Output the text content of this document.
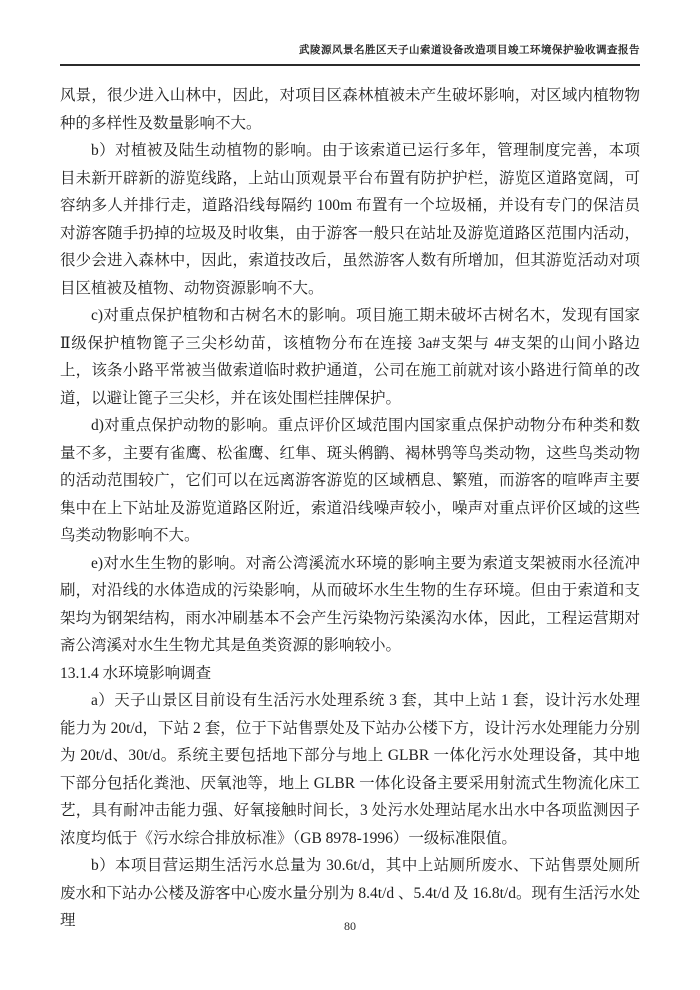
武陵源风景名胜区天子山索道设备改造项目竣工环境保护验收调查报告

风景，很少进入山林中，因此，对项目区森林植被未产生破坏影响，对区域内植物物种的多样性及数量影响不大。

b）对植被及陆生动植物的影响。由于该索道已运行多年，管理制度完善，本项目未新开辟新的游览线路，上站山顶观景平台布置有防护护栏，游览区道路宽阔，可容纳多人并排行走，道路沿线每隔约 100m 布置有一个垃圾桶，并设有专门的保洁员对游客随手扔掉的垃圾及时收集，由于游客一般只在站址及游览道路区范围内活动，很少会进入森林中，因此，索道技改后，虽然游客人数有所增加，但其游览活动对项目区植被及植物、动物资源影响不大。

c)对重点保护植物和古树名木的影响。项目施工期未破坏古树名木，发现有国家Ⅱ级保护植物篦子三尖杉幼苗，该植物分布在连接 3a#支架与 4#支架的山间小路边上，该条小路平常被当做索道临时救护通道，公司在施工前就对该小路进行简单的改道，以避让篦子三尖杉，并在该处围栏挂牌保护。

d)对重点保护动物的影响。重点评价区域范围内国家重点保护动物分布种类和数量不多，主要有雀鹰、松雀鹰、红隼、斑头鸺鹠、褐林鸮等鸟类动物，这些鸟类动物的活动范围较广，它们可以在远离游客游览的区域栖息、繁殖，而游客的喧哗声主要集中在上下站址及游览道路区附近，索道沿线噪声较小，噪声对重点评价区域的这些鸟类动物影响不大。

e)对水生生物的影响。对斋公湾溪流水环境的影响主要为索道支架被雨水径流冲刷，对沿线的水体造成的污染影响，从而破坏水生生物的生存环境。但由于索道和支架均为钢架结构，雨水冲刷基本不会产生污染物污染溪沟水体，因此，工程运营期对斋公湾溪对水生生物尤其是鱼类资源的影响较小。

13.1.4 水环境影响调查

a）天子山景区目前设有生活污水处理系统 3 套，其中上站 1 套，设计污水处理能力为 20t/d，下站 2 套，位于下站售票处及下站办公楼下方，设计污水处理能力分别为 20t/d、30t/d。系统主要包括地下部分与地上 GLBR 一体化污水处理设备，其中地下部分包括化粪池、厌氧池等，地上 GLBR 一体化设备主要采用射流式生物流化床工艺，具有耐冲击能力强、好氧接触时间长，3 处污水处理站尾水出水中各项监测因子浓度均低于《污水综合排放标准》（GB 8978-1996）一级标准限值。

b）本项目营运期生活污水总量为 30.6t/d，其中上站厕所废水、下站售票处厕所废水和下站办公楼及游客中心废水量分别为 8.4t/d 、5.4t/d 及 16.8t/d。现有生活污水处理	80
